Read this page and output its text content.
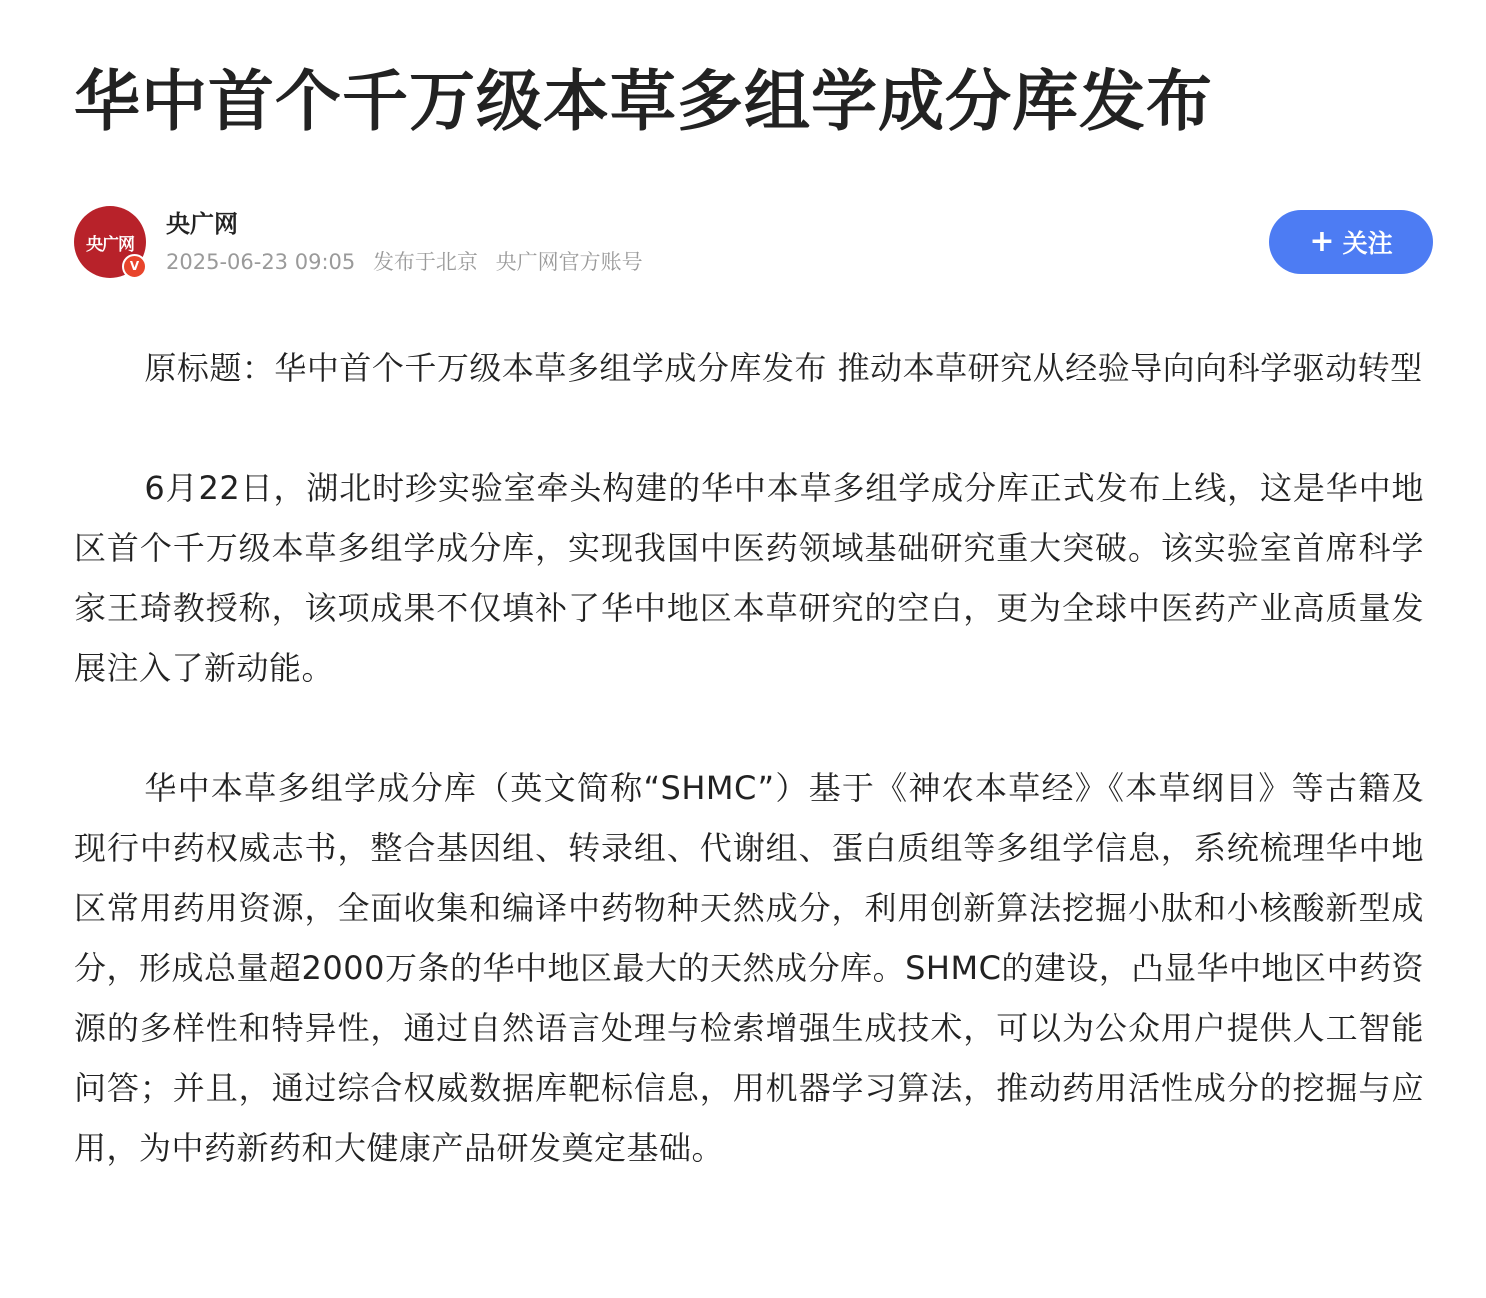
华中首个千万级本草多组学成分库发布
央广网
V
央广网
2025-06-23 09:05 发布于北京 央广网官方账号
+ 关注

原标题：华中首个千万级本草多组学成分库发布 推动本草研究从经验导向向科学驱动转型

6月22日，湖北时珍实验室牵头构建的华中本草多组学成分库正式发布上线，这是华中地区首个千万级本草多组学成分库，实现我国中医药领域基础研究重大突破。该实验室首席科学家王琦教授称，该项成果不仅填补了华中地区本草研究的空白，更为全球中医药产业高质量发展注入了新动能。

华中本草多组学成分库（英文简称“SHMC”）基于《神农本草经》《本草纲目》等古籍及现行中药权威志书，整合基因组、转录组、代谢组、蛋白质组等多组学信息，系统梳理华中地区常用药用资源，全面收集和编译中药物种天然成分，利用创新算法挖掘小肽和小核酸新型成分，形成总量超2000万条的华中地区最大的天然成分库。SHMC的建设，凸显华中地区中药资源的多样性和特异性，通过自然语言处理与检索增强生成技术，可以为公众用户提供人工智能问答；并且，通过综合权威数据库靶标信息，用机器学习算法，推动药用活性成分的挖掘与应用，为中药新药和大健康产品研发奠定基础。
